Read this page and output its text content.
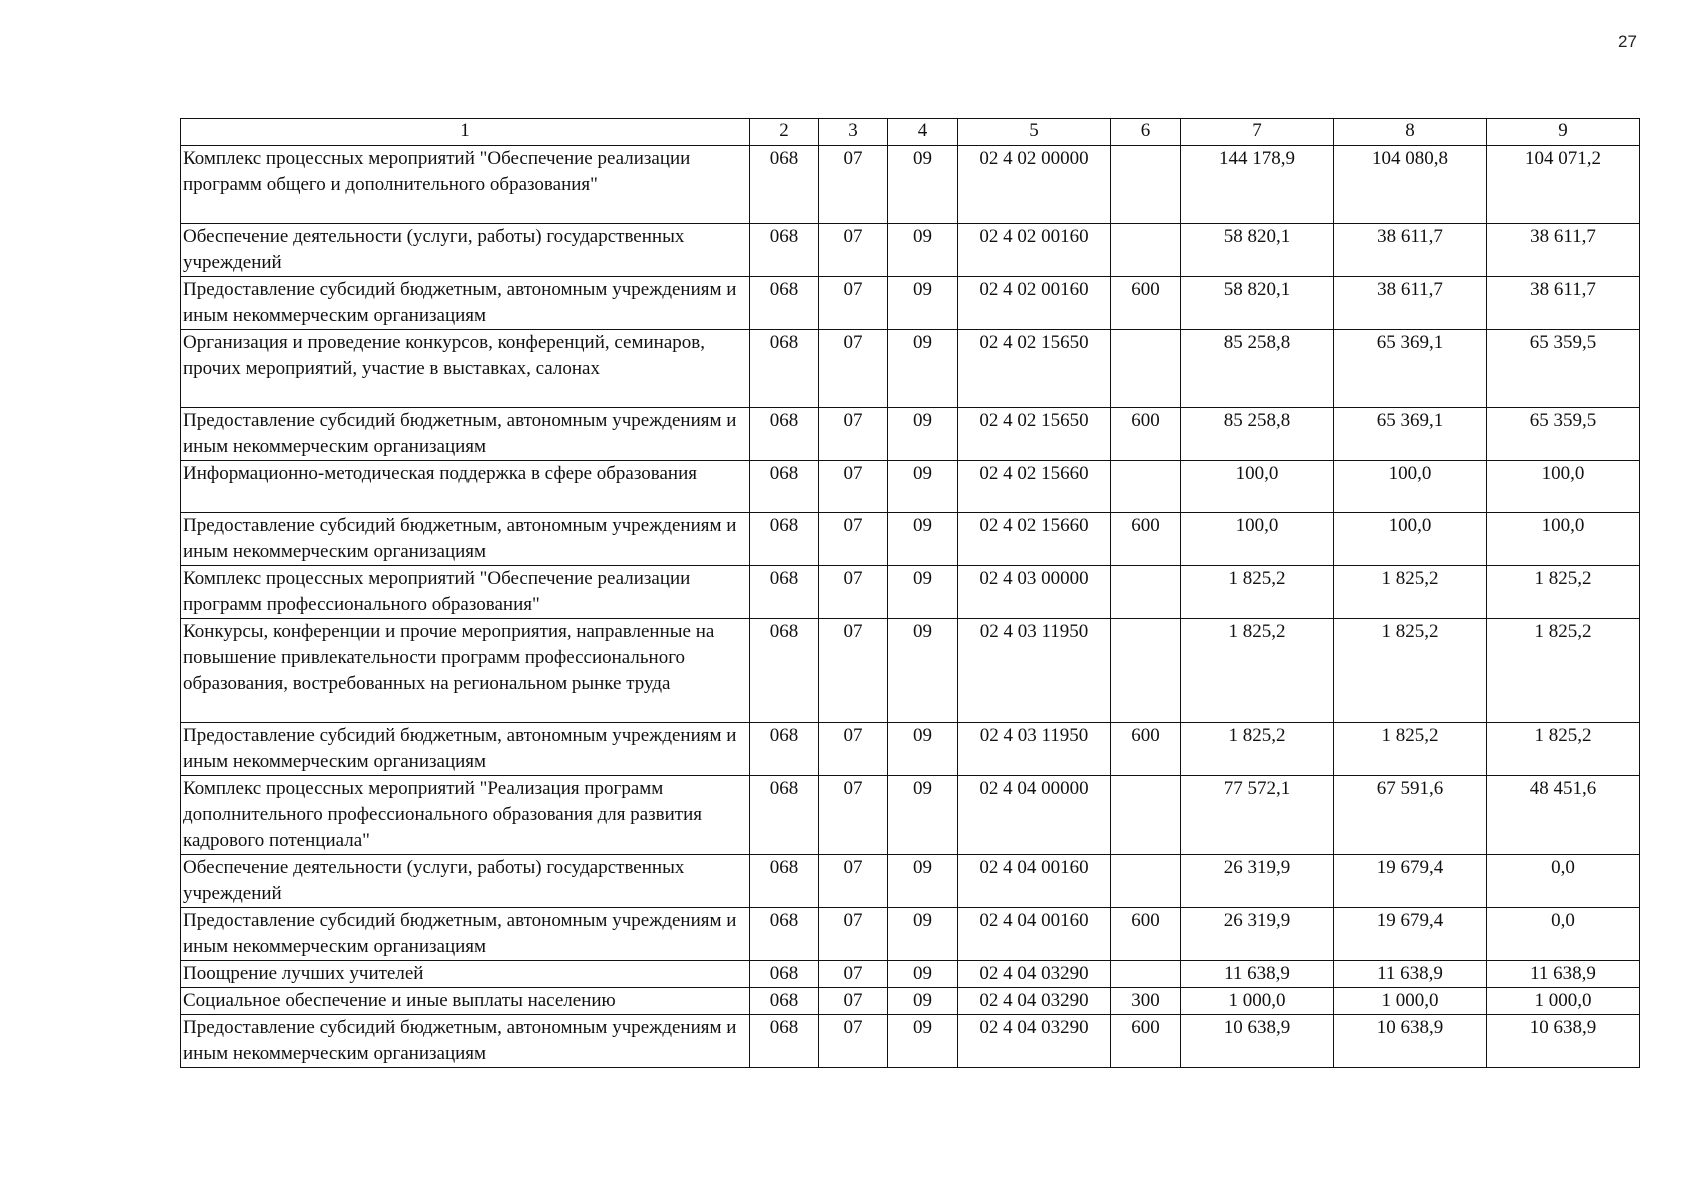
27
1	2	3	4	5	6	7	8	9
Комплекс процессных мероприятий "Обеспечение реализации программ общего и дополнительного образования"	068	07	09	02 4 02 00000		144 178,9	104 080,8	104 071,2
Обеспечение деятельности (услуги, работы) государственных учреждений	068	07	09	02 4 02 00160		58 820,1	38 611,7	38 611,7
Предоставление субсидий бюджетным, автономным учреждениям и иным некоммерческим организациям	068	07	09	02 4 02 00160	600	58 820,1	38 611,7	38 611,7
Организация и проведение конкурсов, конференций, семинаров, прочих мероприятий, участие в выставках, салонах	068	07	09	02 4 02 15650		85 258,8	65 369,1	65 359,5
Предоставление субсидий бюджетным, автономным учреждениям и иным некоммерческим организациям	068	07	09	02 4 02 15650	600	85 258,8	65 369,1	65 359,5
Информационно-методическая поддержка в сфере образования	068	07	09	02 4 02 15660		100,0	100,0	100,0
Предоставление субсидий бюджетным, автономным учреждениям и иным некоммерческим организациям	068	07	09	02 4 02 15660	600	100,0	100,0	100,0
Комплекс процессных мероприятий "Обеспечение реализации программ профессионального образования"	068	07	09	02 4 03 00000		1 825,2	1 825,2	1 825,2
Конкурсы, конференции и прочие мероприятия, направленные на повышение привлекательности программ профессионального образования, востребованных на региональном рынке труда	068	07	09	02 4 03 11950		1 825,2	1 825,2	1 825,2
Предоставление субсидий бюджетным, автономным учреждениям и иным некоммерческим организациям	068	07	09	02 4 03 11950	600	1 825,2	1 825,2	1 825,2
Комплекс процессных мероприятий "Реализация программ дополнительного профессионального образования для развития кадрового потенциала"	068	07	09	02 4 04 00000		77 572,1	67 591,6	48 451,6
Обеспечение деятельности (услуги, работы) государственных учреждений	068	07	09	02 4 04 00160		26 319,9	19 679,4	0,0
Предоставление субсидий бюджетным, автономным учреждениям и иным некоммерческим организациям	068	07	09	02 4 04 00160	600	26 319,9	19 679,4	0,0
Поощрение лучших учителей	068	07	09	02 4 04 03290		11 638,9	11 638,9	11 638,9
Социальное обеспечение и иные выплаты населению	068	07	09	02 4 04 03290	300	1 000,0	1 000,0	1 000,0
Предоставление субсидий бюджетным, автономным учреждениям и иным некоммерческим организациям	068	07	09	02 4 04 03290	600	10 638,9	10 638,9	10 638,9
